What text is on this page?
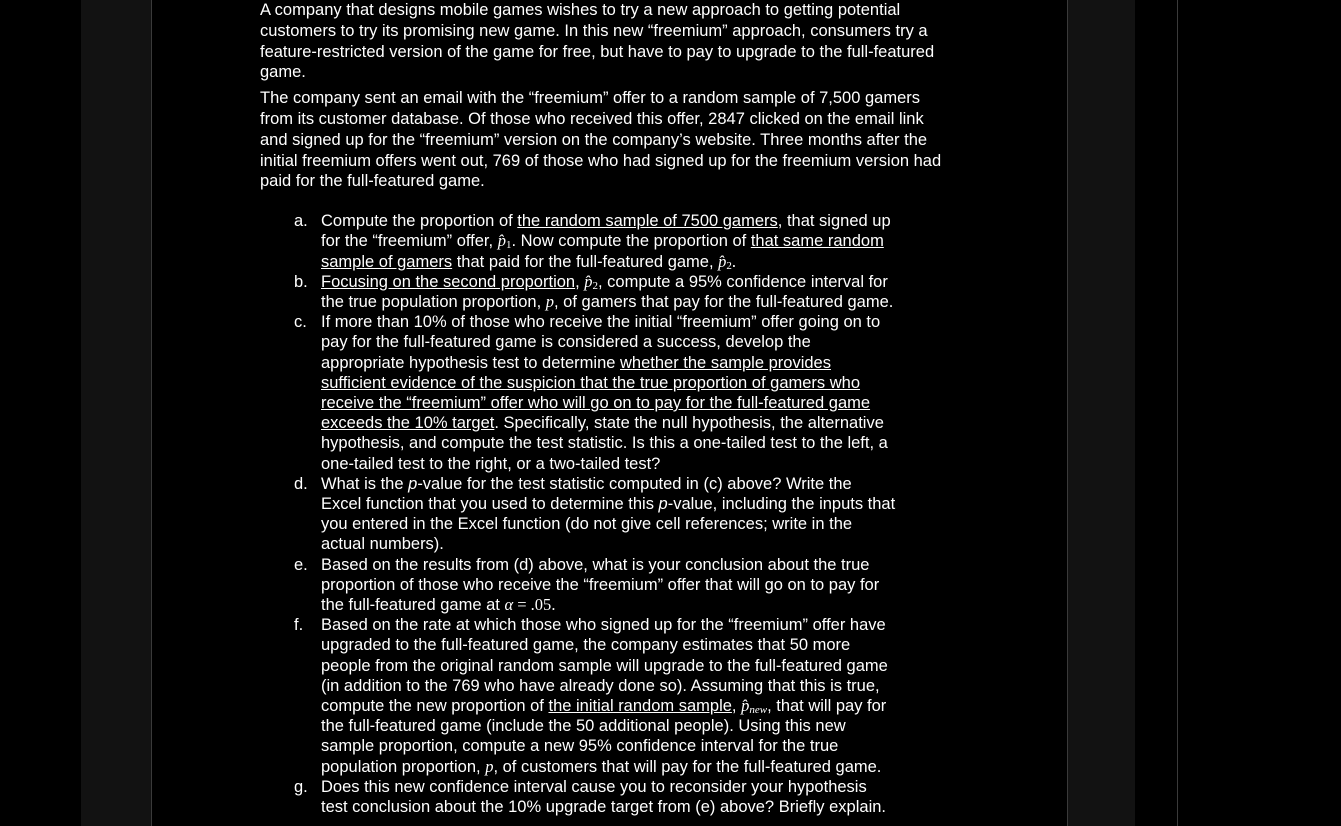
A company that designs mobile games wishes to try a new approach to getting potential customers to try its promising new game. In this new “freemium” approach, consumers try a feature-restricted version of the game for free, but have to pay to upgrade to the full-featured game.

The company sent an email with the “freemium” offer to a random sample of 7,500 gamers from its customer database. Of those who received this offer, 2847 clicked on the email link and signed up for the “freemium” version on the company’s website. Three months after the initial freemium offers went out, 769 of those who had signed up for the freemium version had paid for the full-featured game.

a. Compute the proportion of the random sample of 7500 gamers, that signed up for the “freemium” offer, $p̂_1$. Now compute the proportion of that same random sample of gamers that paid for the full-featured game, $p̂_2$.
b. Focusing on the second proportion, $p̂_2$, compute a 95% confidence interval for the true population proportion, p, of gamers that pay for the full-featured game.
c. If more than 10% of those who receive the initial “freemium” offer going on to pay for the full-featured game is considered a success, develop the appropriate hypothesis test to determine whether the sample provides sufficient evidence of the suspicion that the true proportion of gamers who receive the “freemium” offer who will go on to pay for the full-featured game exceeds the 10% target. Specifically, state the null hypothesis, the alternative hypothesis, and compute the test statistic. Is this a one-tailed test to the left, a one-tailed test to the right, or a two-tailed test?
d. What is the p-value for the test statistic computed in (c) above? Write the Excel function that you used to determine this p-value, including the inputs that you entered in the Excel function (do not give cell references; write in the actual numbers).
e. Based on the results from (d) above, what is your conclusion about the true proportion of those who receive the “freemium” offer that will go on to pay for the full-featured game at α = .05.
f. Based on the rate at which those who signed up for the “freemium” offer have upgraded to the full-featured game, the company estimates that 50 more people from the original random sample will upgrade to the full-featured game (in addition to the 769 who have already done so). Assuming that this is true, compute the new proportion of the initial random sample, $p̂_{new}$, that will pay for the full-featured game (include the 50 additional people). Using this new sample proportion, compute a new 95% confidence interval for the true population proportion, p, of customers that will pay for the full-featured game.
g. Does this new confidence interval cause you to reconsider your hypothesis test conclusion about the 10% upgrade target from (e) above? Briefly explain.
